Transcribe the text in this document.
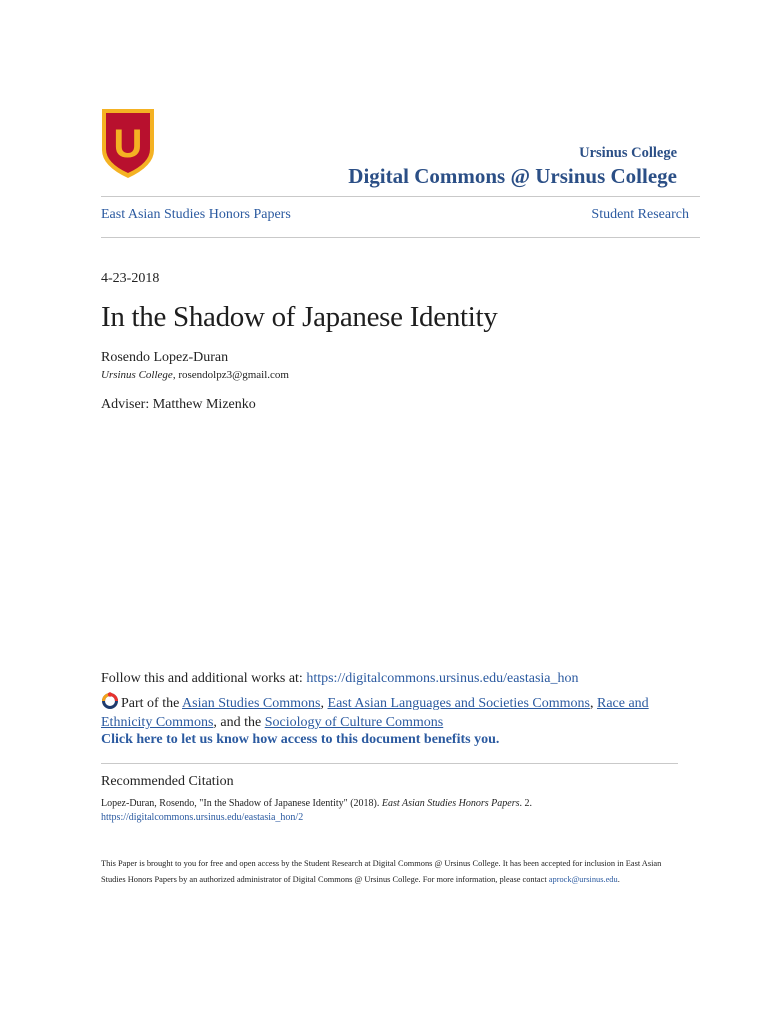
U	Ursinus College
Digital Commons @ Ursinus College
East Asian Studies Honors Papers	Student Research
4-23-2018
In the Shadow of Japanese Identity
Rosendo Lopez-Duran
Ursinus College, rosendolpz3@gmail.com
Adviser: Matthew Mizenko
Follow this and additional works at: https://digitalcommons.ursinus.edu/eastasia_hon
Part of the Asian Studies Commons, East Asian Languages and Societies Commons, Race and Ethnicity Commons, and the Sociology of Culture Commons
Click here to let us know how access to this document benefits you.
Recommended Citation
Lopez-Duran, Rosendo, "In the Shadow of Japanese Identity" (2018). East Asian Studies Honors Papers. 2.
https://digitalcommons.ursinus.edu/eastasia_hon/2
This Paper is brought to you for free and open access by the Student Research at Digital Commons @ Ursinus College. It has been accepted for inclusion in East Asian Studies Honors Papers by an authorized administrator of Digital Commons @ Ursinus College. For more information, please contact aprock@ursinus.edu.
